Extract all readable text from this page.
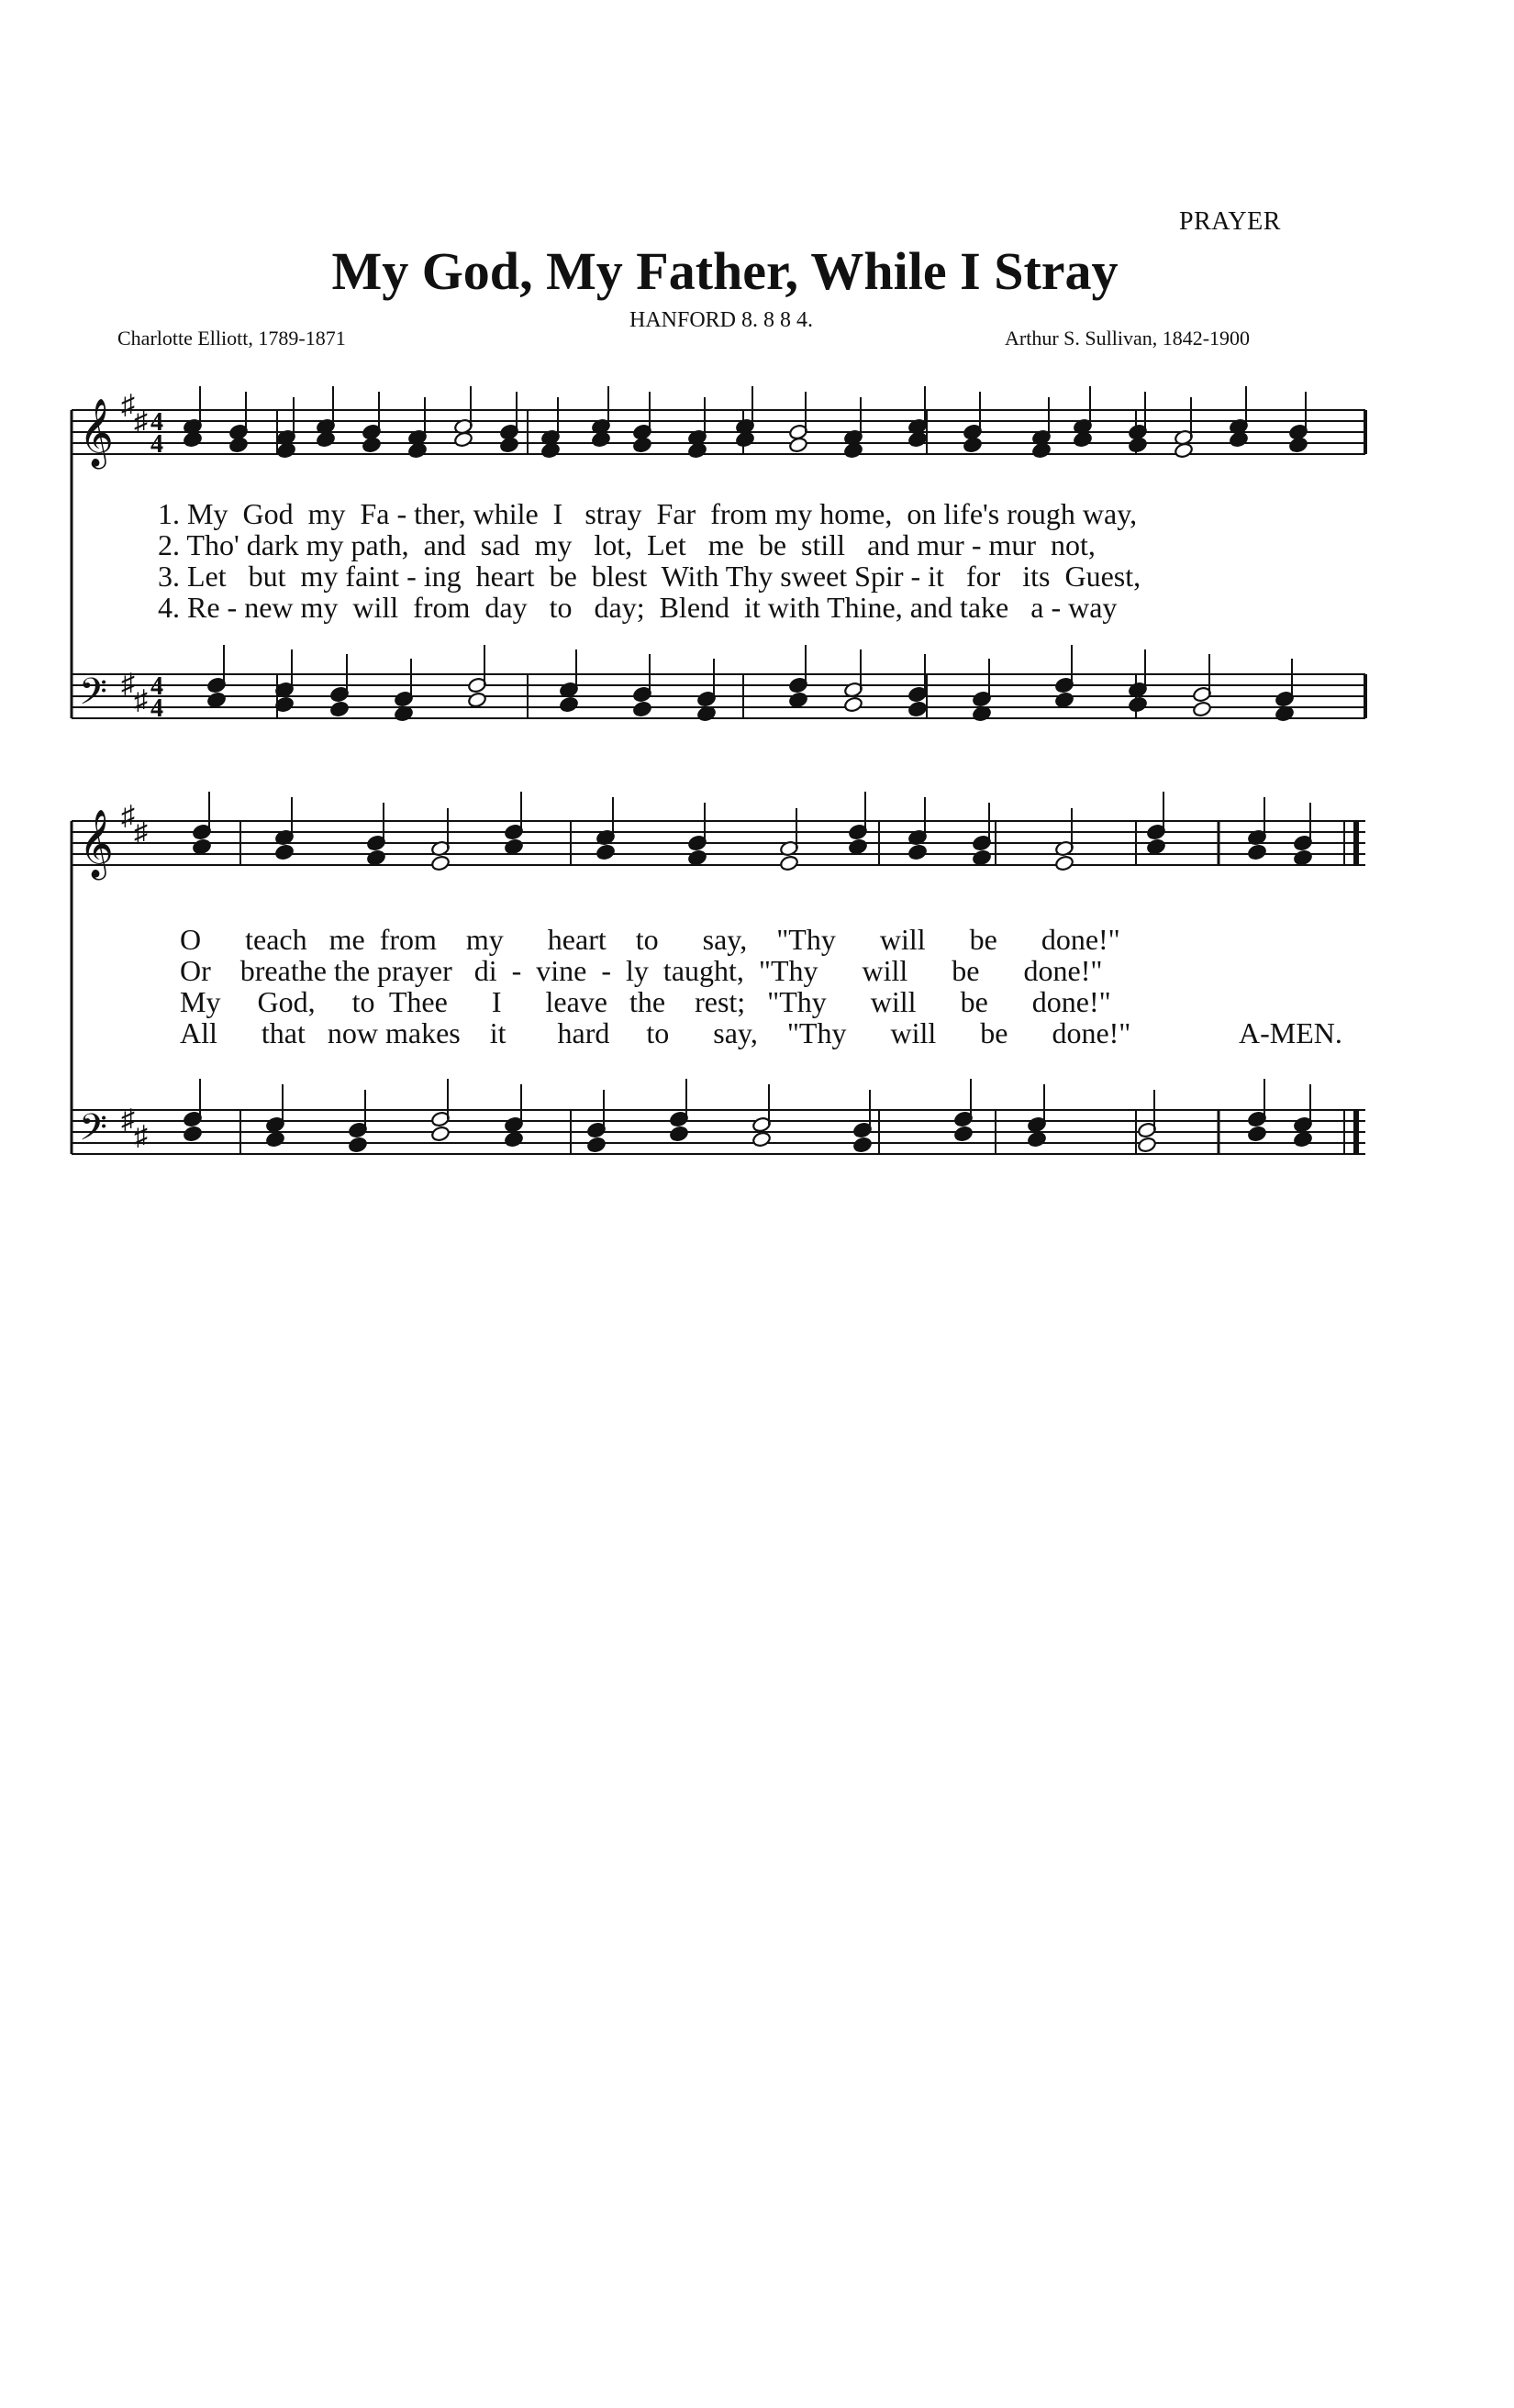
PRAYER
My God, My Father, While I Stray
HANFORD 8. 8 8 4.
Charlotte Elliott, 1789-1871	Arthur S. Sullivan, 1842-1900
𝄞
𝄢
♯
♯
♯
♯
4
4
4
4
𝄞
𝄢
♯
♯
♯
♯
1. My  God  my  Fa - ther, while  I   stray  Far  from my home,  on life's rough way,
2. Tho' dark my path,  and  sad  my   lot,  Let   me  be  still   and mur - mur  not,
3. Let   but  my faint - ing  heart  be  blest  With Thy sweet Spir - it   for   its  Guest,
4. Re - new my  will  from  day   to   day;  Blend  it with Thine, and take   a - way
O      teach   me  from    my      heart    to      say,    "Thy      will      be      done!"
Or    breathe the prayer   di  -  vine  -  ly  taught,  "Thy      will      be      done!"
My     God,     to  Thee      I      leave   the    rest;   "Thy      will      be      done!"
All      that   now makes    it       hard     to      say,    "Thy      will      be      done!"	A-MEN.
